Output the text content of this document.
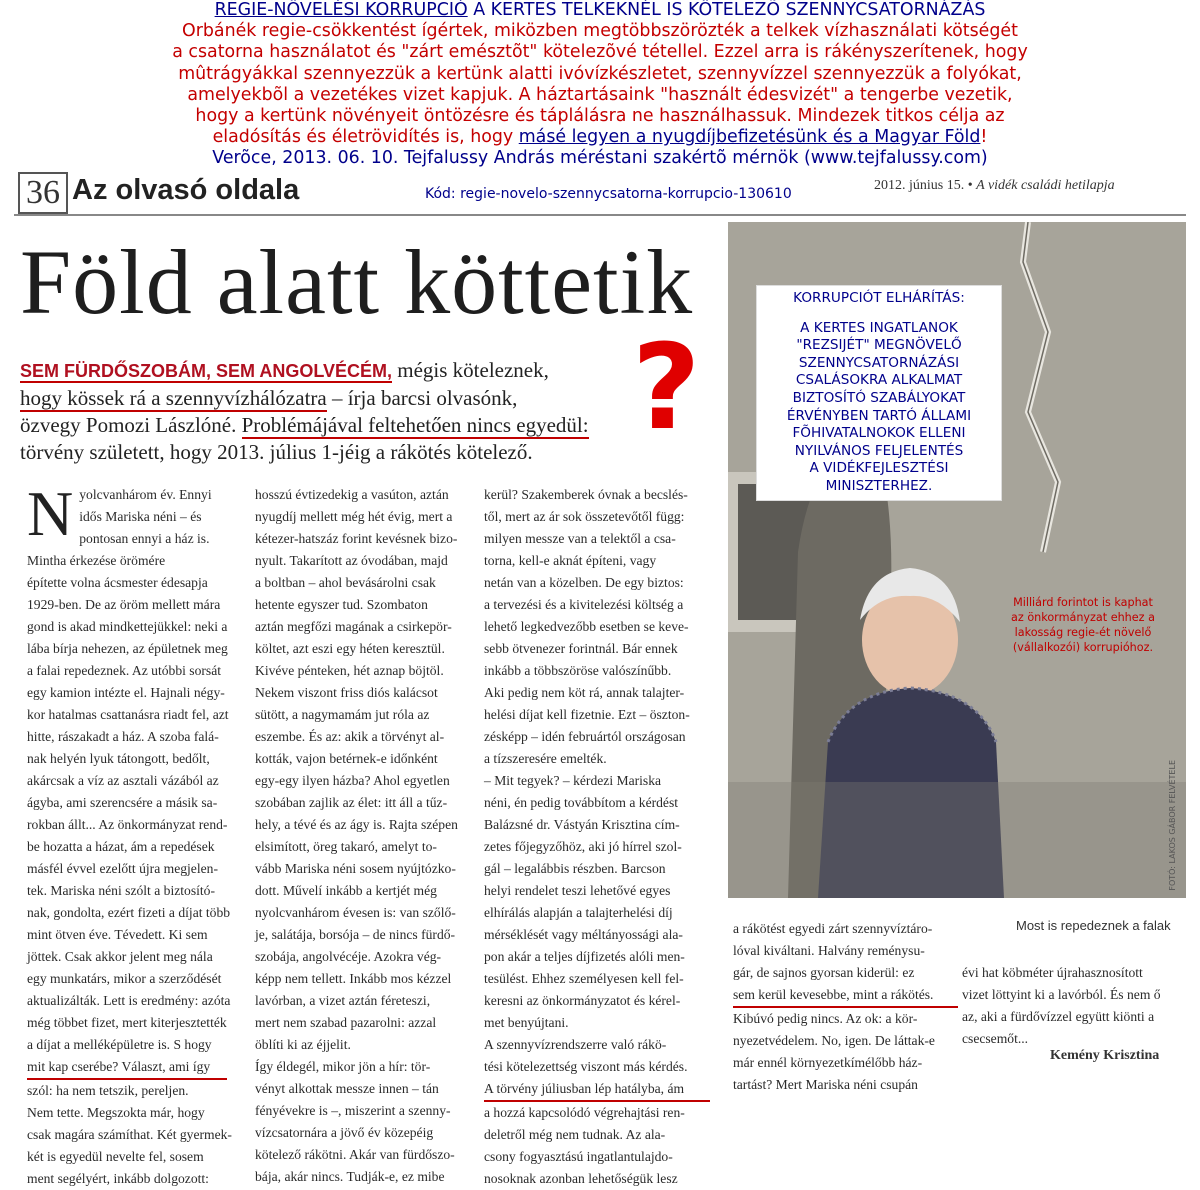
REGIE-NÖVELÉSI KORRUPCIÓ A KERTES TELKEKNÉL IS KÖTELEZÕ SZENNYCSATORNÁZÁS
Orbánék regie-csökkentést ígértek, miközben megtöbbszörözték a telkek vízhasználati kötségét
a csatorna használatot és "zárt emésztõt" kötelezõvé tétellel. Ezzel arra is rákényszerítenek, hogy
mûtrágyákkal szennyezzük a kertünk alatti ivóvízkészletet, szennyvízzel szennyezzük a folyókat,
amelyekbõl a vezetékes vizet kapjuk. A háztartásaink "használt édesvizét" a tengerbe vezetik,
hogy a kertünk növényeit öntözésre és táplálásra ne használhassuk. Mindezek titkos célja az
eladósítás és életrövidítés is, hogy másé legyen a nyugdíjbefizetésünk és a Magyar Föld!
Verõce, 2013. 06. 10. Tejfalussy András méréstani szakértõ mérnök (www.tejfalussy.com)
36 Az olvasó oldala	Kód: regie-novelo-szennycsatorna-korrupcio-130610
2012. június 15. • A vidék családi hetilapja
Föld alatt köttetik
?
SEM FÜRDŐSZOBÁM, SEM ANGOLVÉCÉM, mégis köteleznek,
hogy kössek rá a szennyvízhálózatra – írja barcsi olvasónk,
özvegy Pomozi Lászlóné. Problémájával feltehetően nincs egyedül:
törvény született, hogy 2013. július 1-jéig a rákötés kötelező.
N yolcvanhárom év. Ennyi
idős Mariska néni – és
pontosan ennyi a ház is.
Mintha érkezése örömére
építette volna ácsmester édesapja
1929-ben. De az öröm mellett mára
gond is akad mindkettejükkel: neki a
lába bírja nehezen, az épületnek meg
a falai repedeznek. Az utóbbi sorsát
egy kamion intézte el. Hajnali négy-
kor hatalmas csattanásra riadt fel, azt
hitte, rászakadt a ház. A szoba falá-
nak helyén lyuk tátongott, bedőlt,
akárcsak a víz az asztali vázából az
ágyba, ami szerencsére a másik sa-
rokban állt... Az önkormányzat rend-
be hozatta a házat, ám a repedések
másfél évvel ezelőtt újra megjelen-
tek. Mariska néni szólt a biztosító-
nak, gondolta, ezért fizeti a díjat több
mint ötven éve. Tévedett. Ki sem
jöttek. Csak akkor jelent meg nála
egy munkatárs, mikor a szerződését
aktualizálták. Lett is eredmény: azóta
még többet fizet, mert kiterjesztették
a díjat a melléképületre is. S hogy
mit kap cserébe? Választ, ami így
szól: ha nem tetszik, pereljen.
Nem tette. Megszokta már, hogy
csak magára számíthat. Két gyermek-
két is egyedül nevelte fel, sosem
ment segélyért, inkább dolgozott:
hosszú évtizedekig a vasúton, aztán
nyugdíj mellett még hét évig, mert a
kétezer-hatszáz forint kevésnek bizo-
nyult. Takarított az óvodában, majd
a boltban – ahol bevásárolni csak
hetente egyszer tud. Szombaton
aztán megfőzi magának a csirkepör-
költet, azt eszi egy héten keresztül.
Kivéve pénteken, hét aznap böjtöl.
Nekem viszont friss diós kalácsot
sütött, a nagymamám jut róla az
eszembe. És az: akik a törvényt al-
kották, vajon betérnek-e időnként
egy-egy ilyen házba? Ahol egyetlen
szobában zajlik az élet: itt áll a tűz-
hely, a tévé és az ágy is. Rajta szépen
elsimított, öreg takaró, amelyt to-
vább Mariska néni sosem nyújtózko-
dott. Művelí inkább a kertjét még
nyolcvanhárom évesen is: van szőlő-
je, salátája, borsója – de nincs fürdő-
szobája, angolvécéje. Azokra vég-
képp nem tellett. Inkább mos kézzel
lavórban, a vizet aztán féreteszi,
mert nem szabad pazarolni: azzal
öblíti ki az éjjelit.
Így éldegél, mikor jön a hír: tör-
vényt alkottak messze innen – tán
fényévekre is –, miszerint a szenny-
vízcsatornára a jövő év közepéig
kötelező rákötni. Akár van fürdőszo-
bája, akár nincs. Tudják-e, ez mibe
kerül? Szakemberek óvnak a becslés-
től, mert az ár sok összetevőtől függ:
milyen messze van a telektől a csa-
torna, kell-e aknát építeni, vagy
netán van a közelben. De egy biztos:
a tervezési és a kivitelezési költség a
lehető legkedvezőbb esetben se keve-
sebb ötvenezer forintnál. Bár ennek
inkább a többszöröse valószínűbb.
Aki pedig nem köt rá, annak talajter-
helési díjat kell fizetnie. Ezt – öszton-
zésképp – idén februártól országosan
a tízszeresére emelték.
– Mit tegyek? – kérdezi Mariska
néni, én pedig továbbítom a kérdést
Balázsné dr. Vástyán Krisztina cím-
zetes főjegyzőhöz, aki jó hírrel szol-
gál – legalábbis részben. Barcson
helyi rendelet teszi lehetővé egyes
elhírálás alapján a talajterhelési díj
mérséklését vagy méltányossági ala-
pon akár a teljes díjfizetés alóli men-
tesülést. Ehhez személyesen kell fel-
keresni az önkormányzatot és kérel-
met benyújtani.
A szennyvízrendszerre való rákö-
tési kötelezettség viszont más kérdés.
A törvény júliusban lép hatályba, ám
a hozzá kapcsolódó végrehajtási ren-
deletről még nem tudnak. Az ala-
csony fogyasztású ingatlantulajdo-
nosoknak azonban lehetőségük lesz
KORRUPCIÓT ELHÁRÍTÁS:
A KERTES INGATLANOK
"REZSIJÉT" MEGNÖVELŐ
SZENNYCSATORNÁZÁSI
CSALÁSOKRA ALKALMAT
BIZTOSÍTÓ SZABÁLYOKAT
ÉRVÉNYBEN TARTÓ ÁLLAMI
FÕHIVATALNOKOK ELLENI
NYILVÁNOS FELJELENTÉS
A VIDÉKFEJLESZTÉSI
MINISZTERHEZ.
Milliárd forintot is kaphat
az önkormányzat ehhez a
lakosság regie-ét növelő
(vállalkozói) korrupióhoz.
FOTÓ: LAKOS GÁBOR FELVÉTELE
Most is repedeznek a falak
a rákötést egyedi zárt szennyvíztáro-
lóval kiváltani. Halvány reménysu-
gár, de sajnos gyorsan kiderül: ez
sem kerül kevesebbe, mint a rákötés.
Kibúvó pedig nincs. Az ok: a kör-
nyezetvédelem. No, igen. De láttak-e
már ennél környezetkímélőbb ház-
tartást? Mert Mariska néni csupán
évi hat köbméter újrahasznosított
vizet löttyint ki a lavórból. És nem ő
az, aki a fürdővízzel együtt kiönti a
csecsemőt...
Kemény Krisztina
